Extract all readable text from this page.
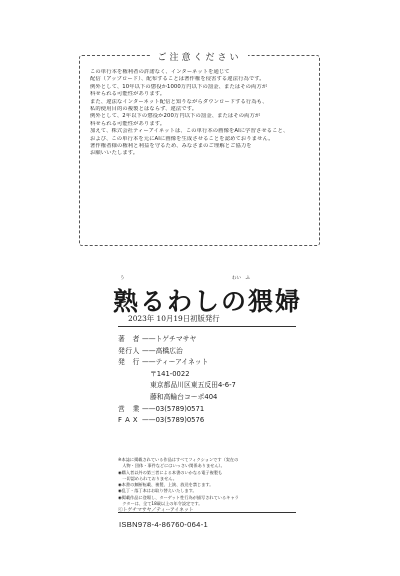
ご注意ください
この単行本を権利者の許諾なく、インターネットを通じて
配信（アップロード）、配布することは著作権を侵害する違法行為です。
例外として、10年以下の懲役か1000万円以下の罰金、またはその両方が
科せられる可能性があります。
また、違法なインターネット配信と知りながらダウンロードする行為も、
私的使用目的の複製とはならず、違法です。
例外として、2年以下の懲役か200万円以下の罰金、またはその両方が
科せられる可能性があります。
加えて、株式会社ティーアイネットは、この単行本の画像をAIに学習させること、
および、この単行本を元にAIに画像を生成させることを認めておりません。
著作権者様の権利と利益を守るため、みなさまのご理解とご協力を
お願いいたします。
う	わい　ふ
熟るわしの猥婦
2023年 10月19日初版発行
著　者 ——トゲチマサヤ
発行人 ——高橋広治
発　行 ——ティーアイネット
〒141-0022
東京都品川区東五反田4-6-7
藤和高輪台コーポ404
営　業 ——03(5789)0571
F A X ——03(5789)0576
※本誌に掲載されている作品はすべてフィクションです（実在の
　人物・団体・事件などにはいっさい関係ありません）。
◉購入者以外の第三者による本書のいかなる電子複製も
　一切認められておりません。
◉本書の無断転載、複製、上演、放送を禁じます。
◉乱丁・落丁本はお取り替えいたします。
◉掲載作品に登場し、ターゲット性行為が描写されているキャラ
　クターは、全て18歳以上の年令設定です。
ⓒトゲチマサヤ／ティーアイネット
ISBN978-4-86760-064-1
